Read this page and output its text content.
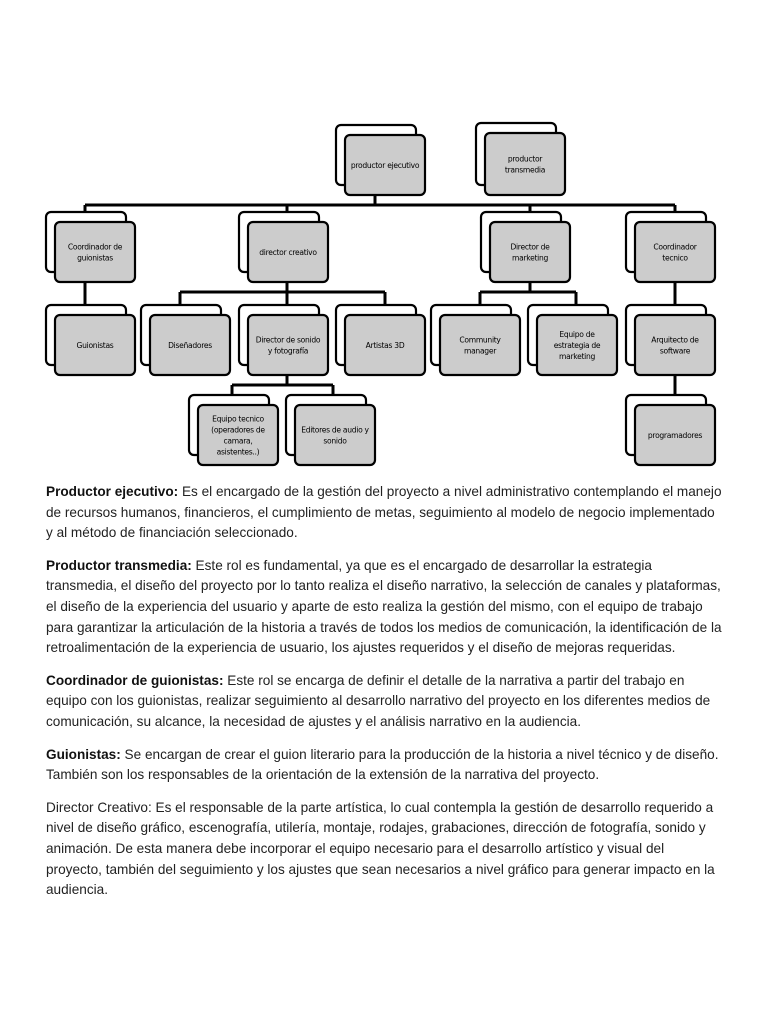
productor ejecutivo
productor
transmedia
Coordinador de
guionistas
director creativo
Director de
marketing
Coordinador
tecnico
Guionistas	Diseñadores
Director de sonido
y fotografía
Artistas 3D
Community
manager
Equipo de
estrategia de
marketing
Arquitecto de
software
Equipo tecnico
(operadores de
camara,
asistentes..)
Editores de audio y
sonido
programadores

Productor ejecutivo: Es el encargado de la gestión del proyecto a nivel administrativo contemplando el manejo de recursos humanos, financieros, el cumplimiento de metas, seguimiento al modelo de negocio implementado y al método de financiación seleccionado.

Productor transmedia: Este rol es fundamental, ya que es el encargado de desarrollar la estrategia transmedia, el diseño del proyecto por lo tanto realiza el diseño narrativo, la selección de canales y plataformas, el diseño de la experiencia del usuario y aparte de esto realiza la gestión del mismo, con el equipo de trabajo para garantizar la articulación de la historia a través de todos los medios de comunicación, la identificación de la retroalimentación de la experiencia de usuario, los ajustes requeridos y el diseño de mejoras requeridas.

Coordinador de guionistas: Este rol se encarga de definir el detalle de la narrativa a partir del trabajo en equipo con los guionistas, realizar seguimiento al desarrollo narrativo del proyecto en los diferentes medios de comunicación, su alcance, la necesidad de ajustes y el análisis narrativo en la audiencia.

Guionistas: Se encargan de crear el guion literario para la producción de la historia a nivel técnico y de diseño. También son los responsables de la orientación de la extensión de la narrativa del proyecto.

Director Creativo: Es el responsable de la parte artística, lo cual contempla la gestión de desarrollo requerido a nivel de diseño gráfico, escenografía, utilería, montaje, rodajes, grabaciones, dirección de fotografía, sonido y animación. De esta manera debe incorporar el equipo necesario para el desarrollo artístico y visual del proyecto, también del seguimiento y los ajustes que sean necesarios a nivel gráfico para generar impacto en la audiencia.
